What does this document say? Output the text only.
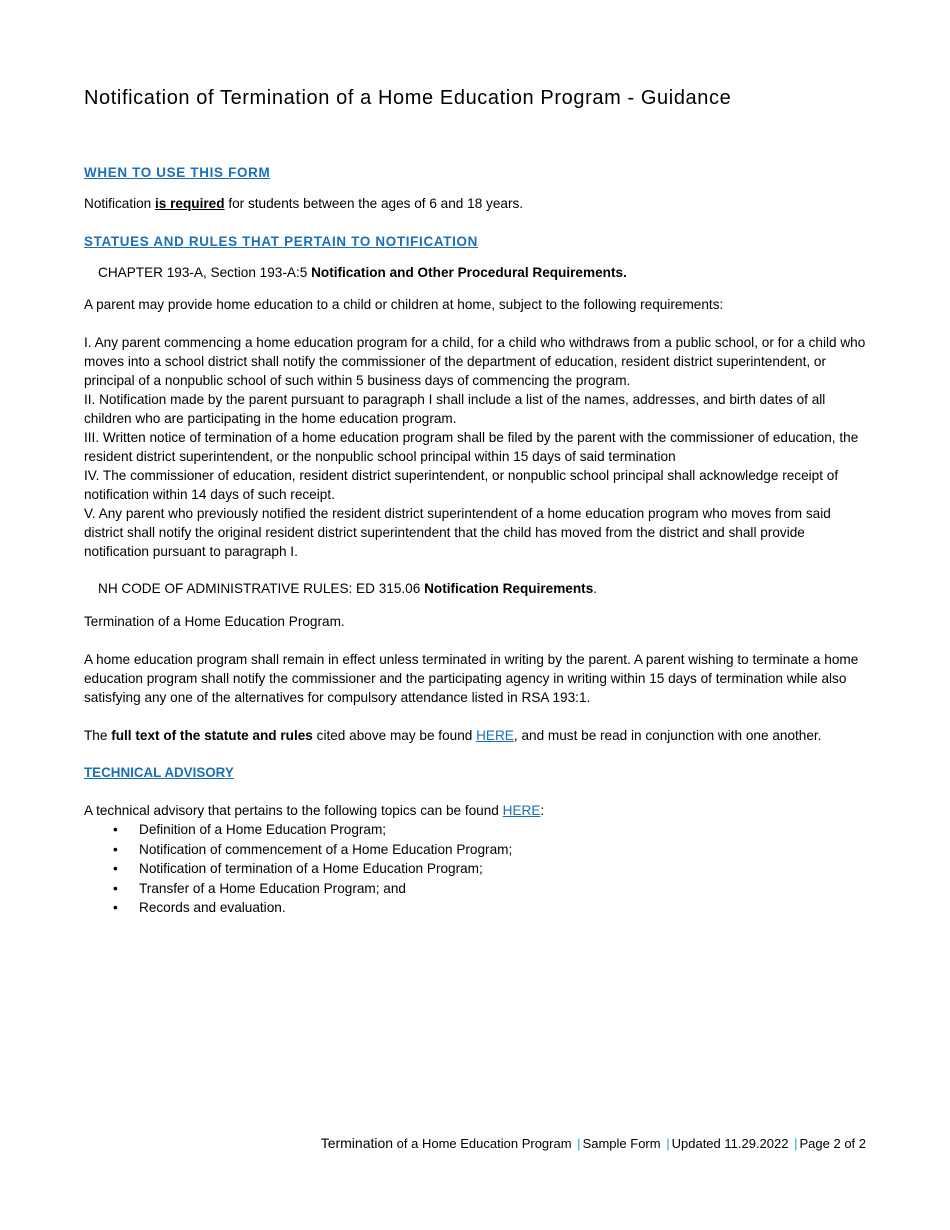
Notification of Termination of a Home Education Program - Guidance
WHEN TO USE THIS FORM

Notification is required for students between the ages of 6 and 18 years.

STATUES AND RULES THAT PERTAIN TO NOTIFICATION

CHAPTER 193-A, Section 193-A:5 Notification and Other Procedural Requirements.

A parent may provide home education to a child or children at home, subject to the following requirements:

I. Any parent commencing a home education program for a child, for a child who withdraws from a public school, or for a child who moves into a school district shall notify the commissioner of the department of education, resident district superintendent, or principal of a nonpublic school of such within 5 business days of commencing the program.

II. Notification made by the parent pursuant to paragraph I shall include a list of the names, addresses, and birth dates of all children who are participating in the home education program.

III. Written notice of termination of a home education program shall be filed by the parent with the commissioner of education, the resident district superintendent, or the nonpublic school principal within 15 days of said termination

IV. The commissioner of education, resident district superintendent, or nonpublic school principal shall acknowledge receipt of notification within 14 days of such receipt.

V. Any parent who previously notified the resident district superintendent of a home education program who moves from said district shall notify the original resident district superintendent that the child has moved from the district and shall provide notification pursuant to paragraph I.

NH CODE OF ADMINISTRATIVE RULES: ED 315.06 Notification Requirements.

Termination of a Home Education Program.

A home education program shall remain in effect unless terminated in writing by the parent. A parent wishing to terminate a home education program shall notify the commissioner and the participating agency in writing within 15 days of termination while also satisfying any one of the alternatives for compulsory attendance listed in RSA 193:1.

The full text of the statute and rules cited above may be found HERE, and must be read in conjunction with one another.

TECHNICAL ADVISORY

A technical advisory that pertains to the following topics can be found HERE:

• Definition of a Home Education Program;
• Notification of commencement of a Home Education Program;
• Notification of termination of a Home Education Program;
• Transfer of a Home Education Program; and
• Records and evaluation.
Termination of a Home Education Program | Sample Form | Updated 11.29.2022 | Page 2 of 2
